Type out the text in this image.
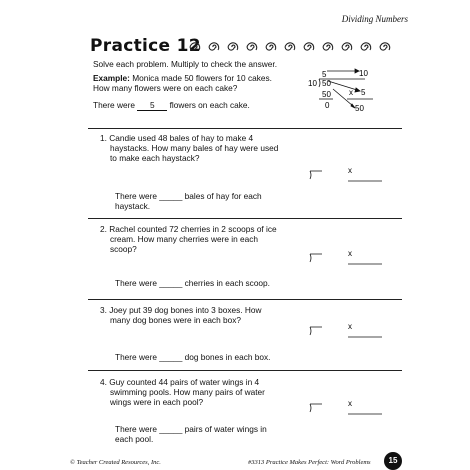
Dividing Numbers
Practice 12
Solve each problem. Multiply to check the answer.
Example: Monica made 50 flowers for 10 cakes.
How many flowers were on each cake?
There were 5 flowers on each cake.
5
10 50
50
0
10
x 5
50
1. Candie used 48 bales of hay to make 4
haystacks. How many bales of hay were used
to make each haystack?
x
There were _____ bales of hay for each
haystack.
2. Rachel counted 72 cherries in 2 scoops of ice
cream. How many cherries were in each
scoop?	x
There were _____ cherries in each scoop.
3. Joey put 39 dog bones into 3 boxes. How
many dog bones were in each box?
x
There were _____ dog bones in each box.
4. Guy counted 44 pairs of water wings in 4
swimming pools. How many pairs of water
wings were in each pool?	x
There were _____ pairs of water wings in
each pool.
© Teacher Created Resources, Inc.	#3313 Practice Makes Perfect: Word Problems	15
